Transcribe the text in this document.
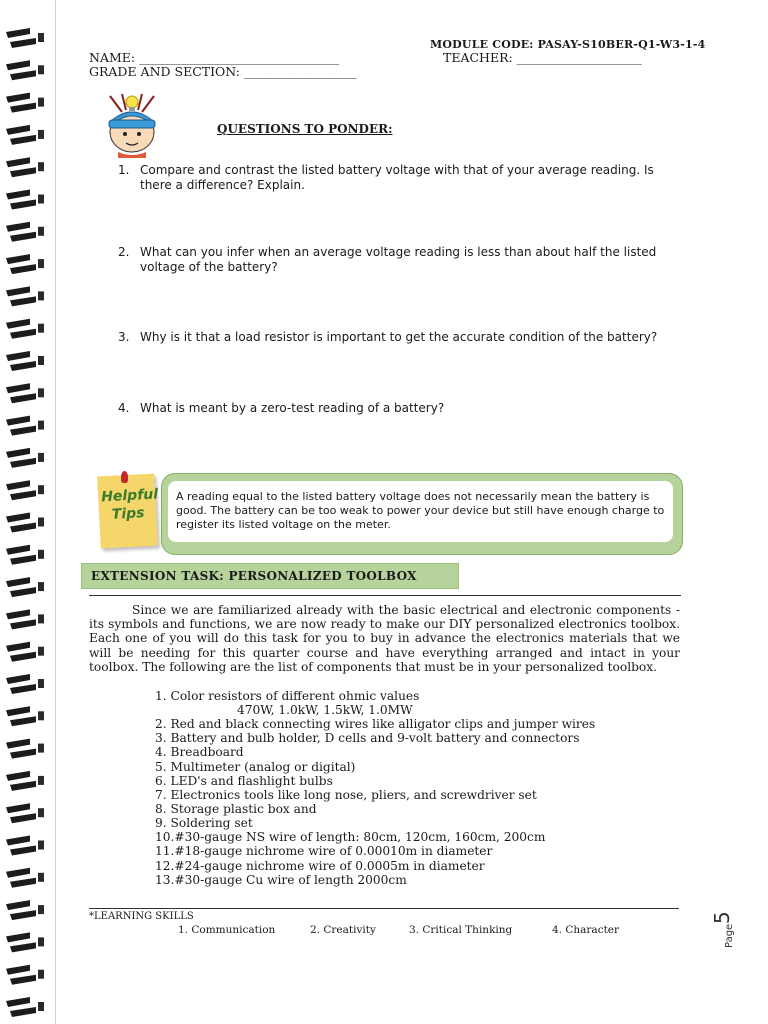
MODULE CODE: PASAY-S10BER-Q1-W3-1-4
NAME: ________________________________	TEACHER: ____________________
GRADE AND SECTION: __________________
QUESTIONS TO PONDER:
1. Compare and contrast the listed battery voltage with that of your average reading. Is there a difference? Explain.
2. What can you infer when an average voltage reading is less than about half the listed voltage of the battery?
3. Why is it that a load resistor is important to get the accurate condition of the battery?
4. What is meant by a zero-test reading of a battery?
Helpful
Tips
A reading equal to the listed battery voltage does not necessarily mean the battery is good. The battery can be too weak to power your device but still have enough charge to register its listed voltage on the meter.
EXTENSION TASK: PERSONALIZED TOOLBOX
Since we are familiarized already with the basic electrical and electronic components - its symbols and functions, we are now ready to make our DIY personalized electronics toolbox. Each one of you will do this task for you to buy in advance the electronics materials that we will be needing for this quarter course and have everything arranged and intact in your toolbox. The following are the list of components that must be in your personalized toolbox.
1. Color resistors of different ohmic values
470W, 1.0kW, 1.5kW, 1.0MW
2. Red and black connecting wires like alligator clips and jumper wires
3. Battery and bulb holder, D cells and 9-volt battery and connectors
4. Breadboard
5. Multimeter (analog or digital)
6. LED's and flashlight bulbs
7. Electronics tools like long nose, pliers, and screwdriver set
8. Storage plastic box and
9. Soldering set
10.#30-gauge NS wire of length: 80cm, 120cm, 160cm, 200cm
11.#18-gauge nichrome wire of 0.00010m in diameter
12.#24-gauge nichrome wire of 0.0005m in diameter
13.#30-gauge Cu wire of length 2000cm
*LEARNING SKILLS
1. Communication	2. Creativity	3. Critical Thinking	4. Character	Page
5
